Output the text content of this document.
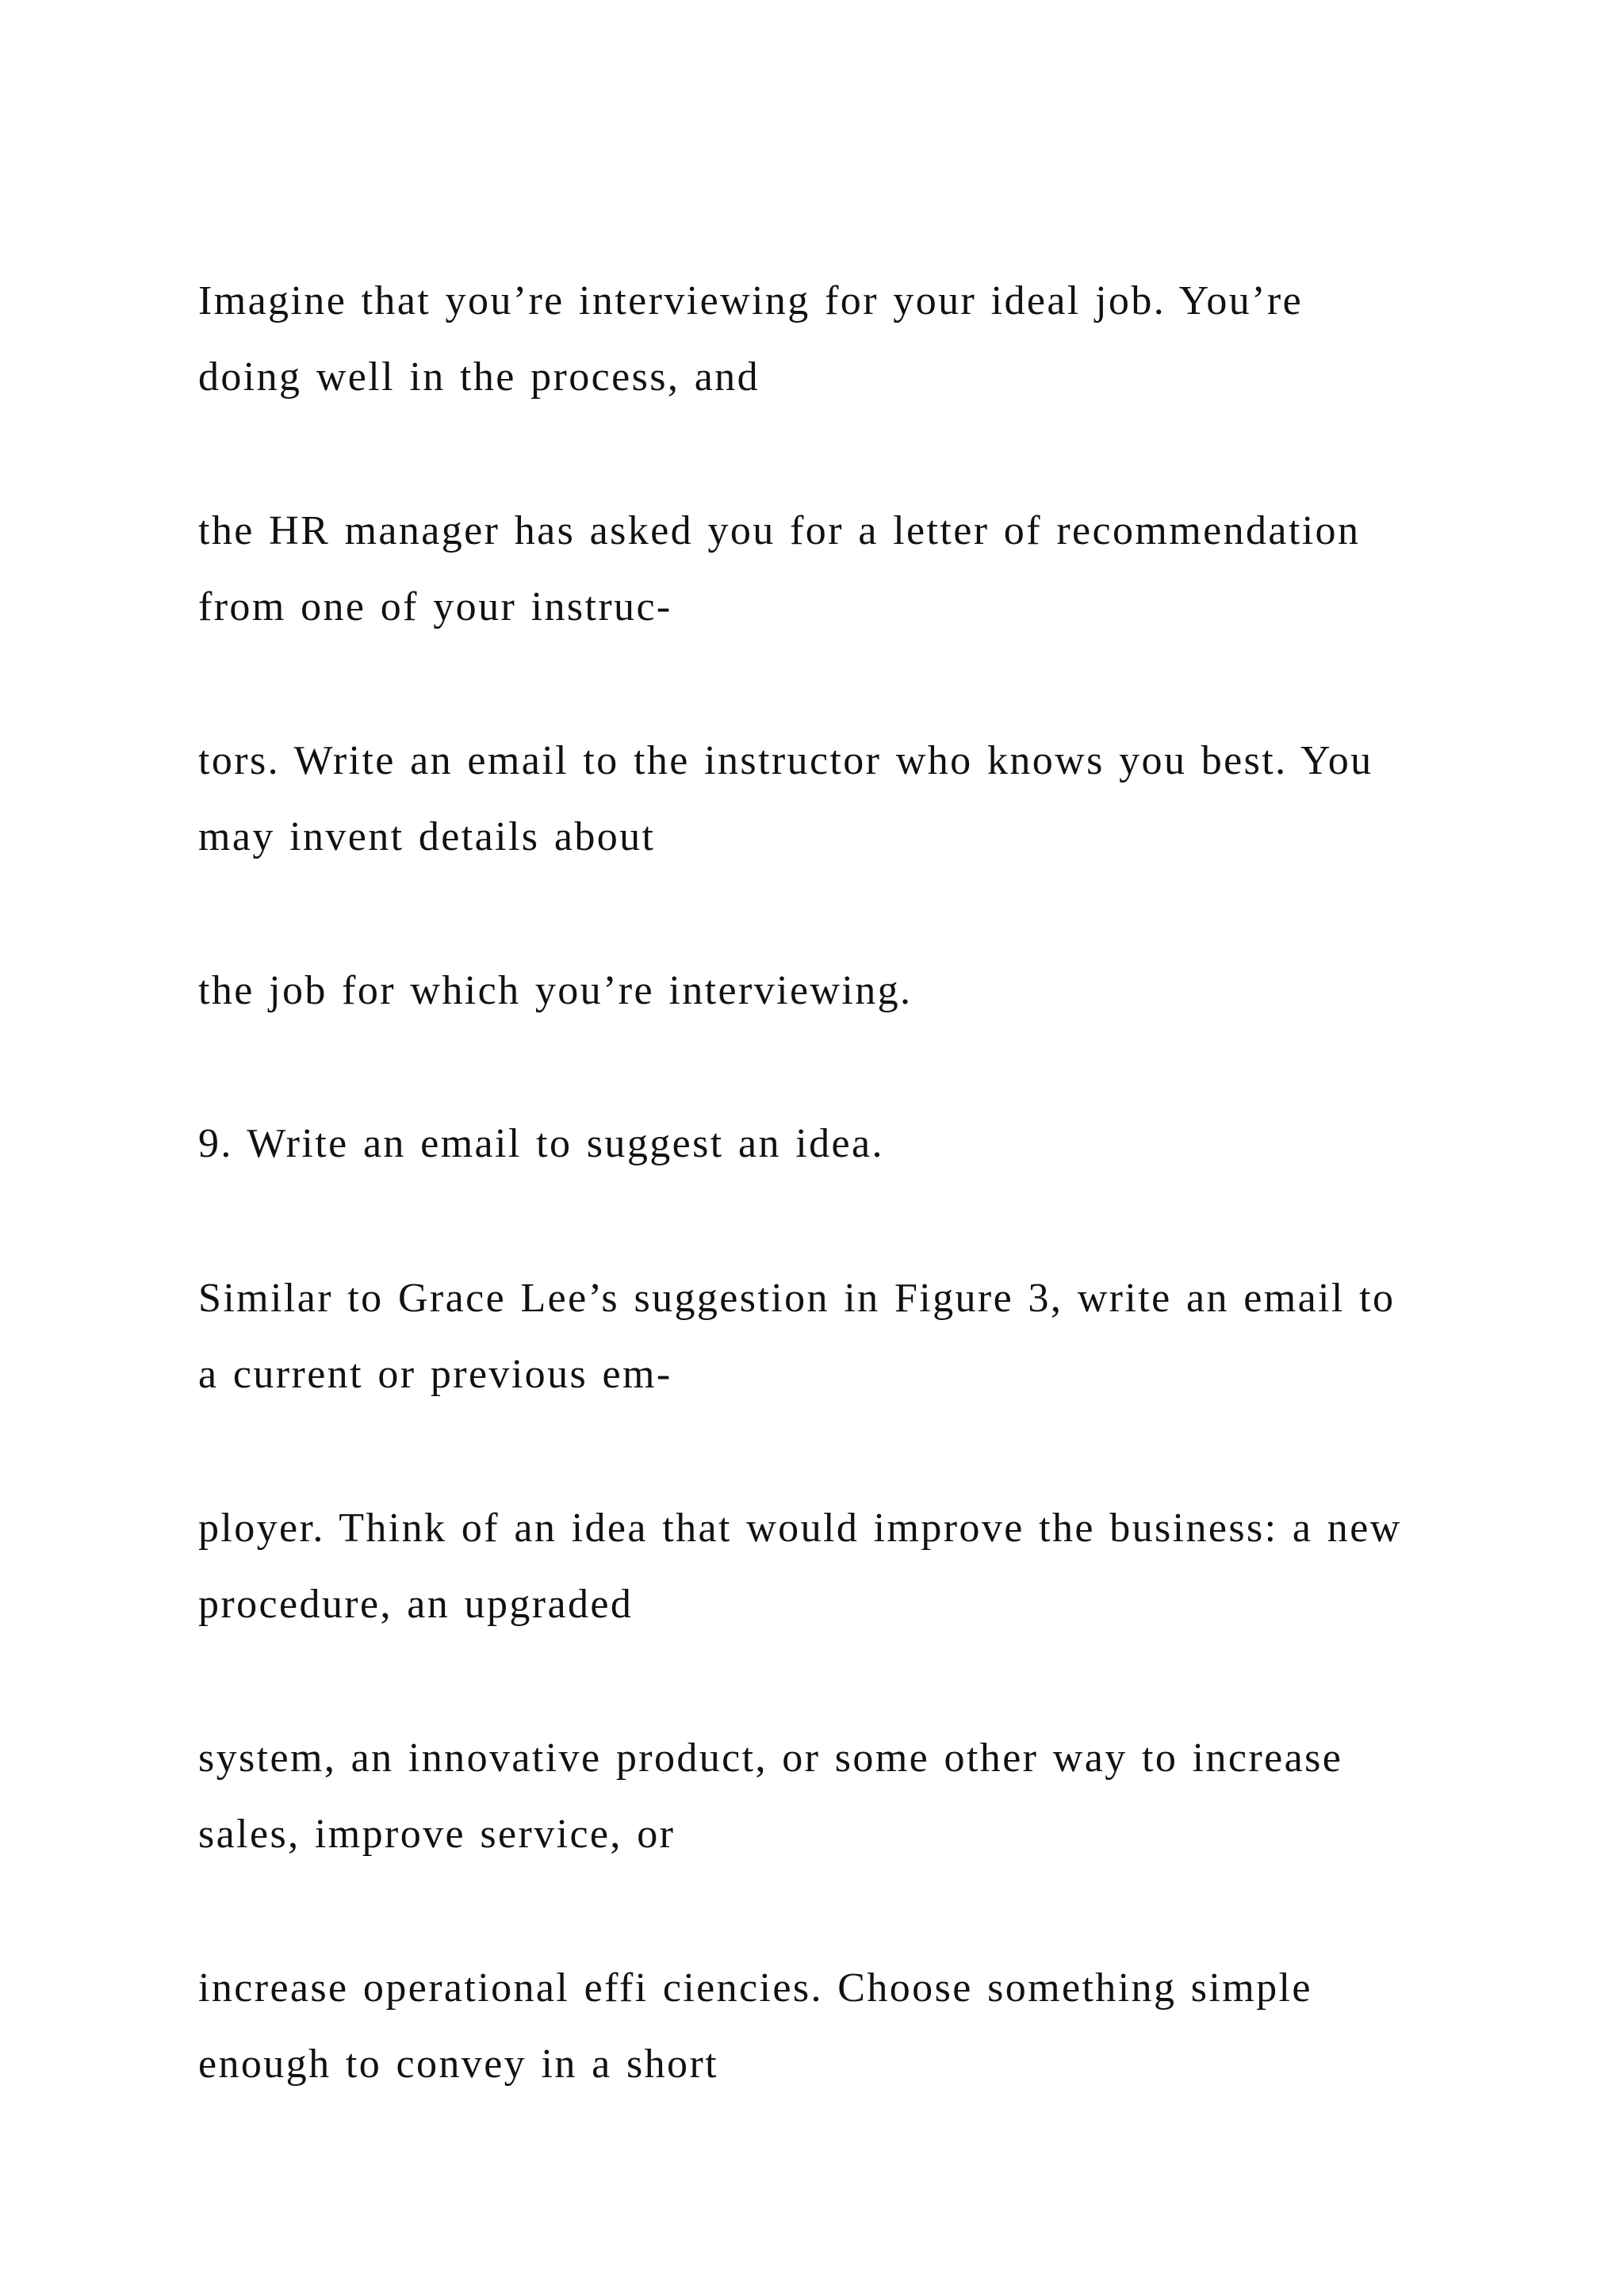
Imagine that you’re interviewing for your ideal job. You’re
doing well in the process, and

the HR manager has asked you for a letter of recommendation
from one of your instruc-

tors. Write an email to the instructor who knows you best. You
may invent details about

the job for which you’re interviewing.

9. Write an email to suggest an idea.

Similar to Grace Lee’s suggestion in Figure 3, write an email to
a current or previous em-

ployer. Think of an idea that would improve the business: a new
procedure, an upgraded

system, an innovative product, or some other way to increase
sales, improve service, or

increase operational effi ciencies. Choose something simple
enough to convey in a short
